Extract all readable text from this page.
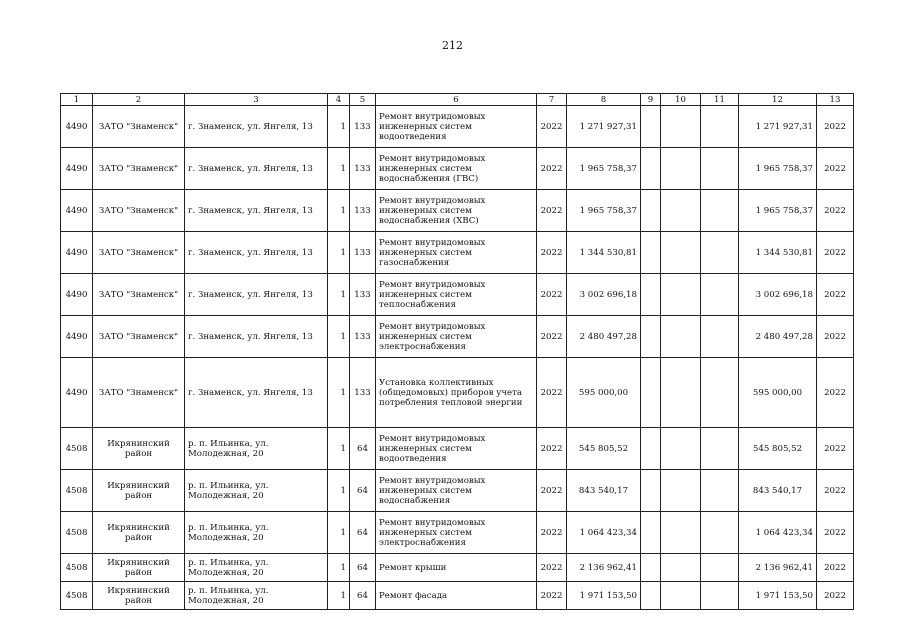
212
1	2	3	4	5	6	7	8	9	10	11	12	13
4490	ЗАТО "Знаменск"	г. Знаменск, ул. Янгеля, 13	1	133	Ремонт внутридомовых инженерных систем водоотведения	2022	1 271 927,31				1 271 927,31	2022
4490	ЗАТО "Знаменск"	г. Знаменск, ул. Янгеля, 13	1	133	Ремонт внутридомовых инженерных систем водоснабжения (ГВС)	2022	1 965 758,37				1 965 758,37	2022
4490	ЗАТО "Знаменск"	г. Знаменск, ул. Янгеля, 13	1	133	Ремонт внутридомовых инженерных систем водоснабжения (ХВС)	2022	1 965 758,37				1 965 758,37	2022
4490	ЗАТО "Знаменск"	г. Знаменск, ул. Янгеля, 13	1	133	Ремонт внутридомовых инженерных систем газоснабжения	2022	1 344 530,81				1 344 530,81	2022
4490	ЗАТО "Знаменск"	г. Знаменск, ул. Янгеля, 13	1	133	Ремонт внутридомовых инженерных систем теплоснабжения	2022	3 002 696,18				3 002 696,18	2022
4490	ЗАТО "Знаменск"	г. Знаменск, ул. Янгеля, 13	1	133	Ремонт внутридомовых инженерных систем электроснабжения	2022	2 480 497,28				2 480 497,28	2022
4490	ЗАТО "Знаменск"	г. Знаменск, ул. Янгеля, 13	1	133	Установка коллективных (общедомовых) приборов учета потребления тепловой энергии	2022	595 000,00				595 000,00	2022
4508	Икрянинский район	р. п. Ильинка, ул. Молодежная, 20	1	64	Ремонт внутридомовых инженерных систем водоотведения	2022	545 805,52				545 805,52	2022
4508	Икрянинский район	р. п. Ильинка, ул. Молодежная, 20	1	64	Ремонт внутридомовых инженерных систем водоснабжения	2022	843 540,17				843 540,17	2022
4508	Икрянинский район	р. п. Ильинка, ул. Молодежная, 20	1	64	Ремонт внутридомовых инженерных систем электроснабжения	2022	1 064 423,34				1 064 423,34	2022
4508	Икрянинский район	р. п. Ильинка, ул. Молодежная, 20	1	64	Ремонт крыши	2022	2 136 962,41				2 136 962,41	2022
4508	Икрянинский район	р. п. Ильинка, ул. Молодежная, 20	1	64	Ремонт фасада	2022	1 971 153,50				1 971 153,50	2022
